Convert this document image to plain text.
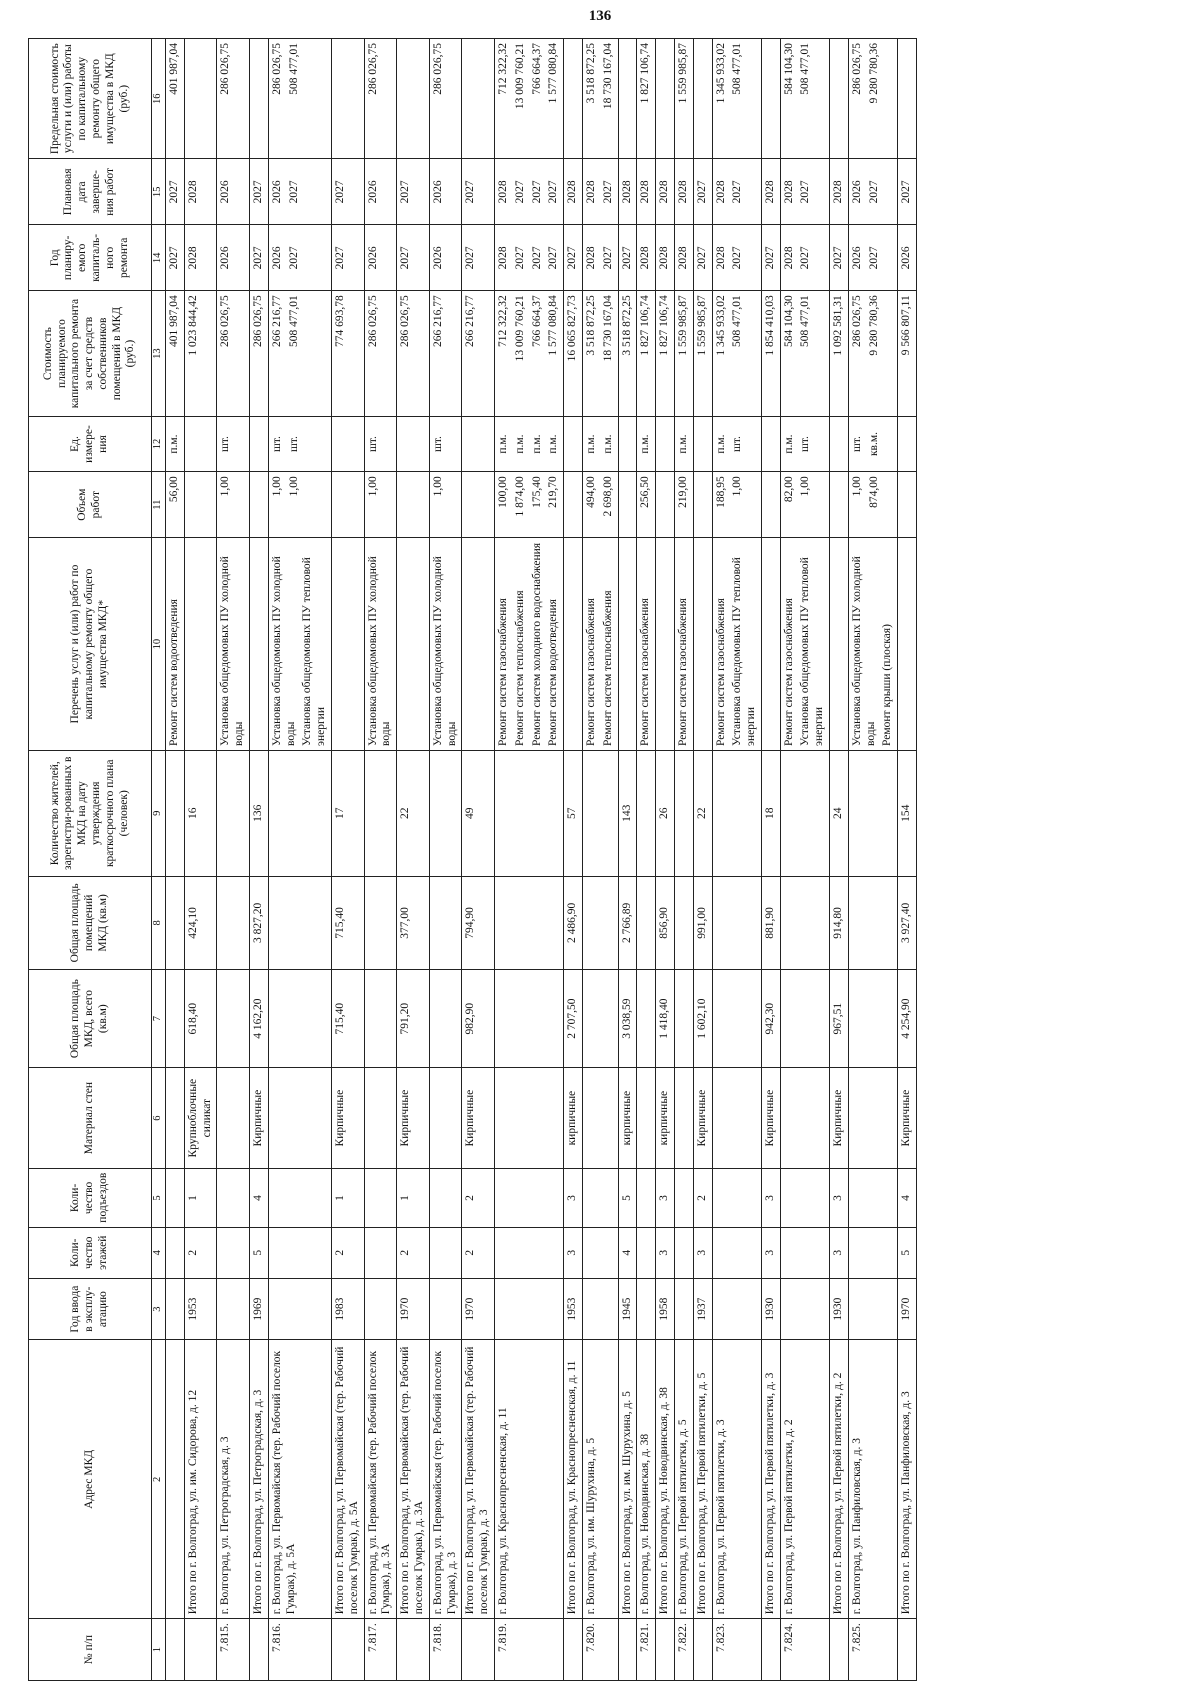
136
№ п/п	Адрес МКД	Год ввода в эксплу-атацию	Коли-чество этажей	Коли-чество подъездов	Материал стен	Общая площадь МКД, всего (кв.м)	Общая площадь помещений МКД (кв.м)	Количество жителей, зарегистри-рованных в МКД на дату утверждения краткосрочного плана (человек)	Перечень услуг и (или) работ по капитальному ремонту общего имущества МКД*	Объем работ	Ед. измере-ния	Стоимость планируемого капитального ремонта за счет средств собственников помещений в МКД (руб.)	Год планиру-емого капиталь-ного ремонта	Плановая дата заверше-ния работ	Предельная стоимость услуги и (или) работы по капитальному ремонту общего имущества в МКД (руб.)
1	2	3	4	5	6	7	8	9	10	11	12	13	14	15	16

									Ремонт систем водоотведения	56,00	п.м.	401 987,04	2027	2027	401 987,04

	Итого по г. Волгоград, ул. им. Сидорова, д. 12	1953	2	1	Крупноблочные силикат	618,40	424,10	16				1 023 844,42	2028	2028	

7.815.	г. Волгоград, ул. Петроградская, д. 3								Установка общедомовых ПУ холодной воды	1,00	шт.	286 026,75	2026	2026	286 026,75

	Итого по г. Волгоград, ул. Петроградская, д. 3	1969	5	4	Кирпичные	4 162,20	3 827,20	136				286 026,75	2027	2027	

7.816.	г. Волгоград, ул. Первомайская (тер. Рабочий поселок Гумрак), д. 5А								Установка общедомовых ПУ холодной воды Установка общедомовых ПУ тепловой энергии	1,00 1,00	шт. шт.	266 216,77 508 477,01	2026 2027	2026 2027	286 026,75 508 477,01

	Итого по г. Волгоград, ул. Первомайская (тер. Рабочий поселок Гумрак), д. 5А	1983	2	1	Кирпичные	715,40	715,40	17				774 693,78	2027	2027	

7.817.	г. Волгоград, ул. Первомайская (тер. Рабочий поселок Гумрак), д. 3А								Установка общедомовых ПУ холодной воды	1,00	шт.	286 026,75	2026	2026	286 026,75

	Итого по г. Волгоград, ул. Первомайская (тер. Рабочий поселок Гумрак), д. 3А	1970	2	1	Кирпичные	791,20	377,00	22				286 026,75	2027	2027	

7.818.	г. Волгоград, ул. Первомайская (тер. Рабочий поселок Гумрак), д. 3								Установка общедомовых ПУ холодной воды	1,00	шт.	266 216,77	2026	2026	286 026,75

	Итого по г. Волгоград, ул. Первомайская (тер. Рабочий поселок Гумрак), д. 3	1970	2	2	Кирпичные	982,90	794,90	49				266 216,77	2027	2027	

7.819.	г. Волгоград, ул. Краснопресненская, д. 11								Ремонт систем газоснабжения Ремонт систем теплоснабжения Ремонт систем холодного водоснабжения Ремонт систем водоотведения	100,00 1 874,00 175,40 219,70	п.м. п.м. п.м. п.м.	712 322,32 13 009 760,21 766 664,37 1 577 080,84	2028 2027 2027 2027	2028 2027 2027 2027	712 322,32 13 009 760,21 766 664,37 1 577 080,84

	Итого по г. Волгоград, ул. Краснопресненская, д. 11	1953	3	3	кирпичные	2 707,50	2 486,90	57				16 065 827,73	2027	2028	

7.820.	г. Волгоград, ул. им. Шурухина, д. 5								Ремонт систем газоснабжения Ремонт систем теплоснабжения	494,00 2 698,00	п.м. п.м.	3 518 872,25 18 730 167,04	2028 2027	2028 2027	3 518 872,25 18 730 167,04

	Итого по г. Волгоград, ул. им. Шурухина, д. 5	1945	4	5	кирпичные	3 038,59	2 766,89	143				3 518 872,25	2027	2028	

7.821.	г. Волгоград, ул. Новодвинская, д. 38								Ремонт систем газоснабжения	256,50	п.м.	1 827 106,74	2028	2028	1 827 106,74

	Итого по г. Волгоград, ул. Новодвинская, д. 38	1958	3	3	кирпичные	1 418,40	856,90	26				1 827 106,74	2028	2028	

7.822.	г. Волгоград, ул. Первой пятилетки, д. 5								Ремонт систем газоснабжения	219,00	п.м.	1 559 985,87	2028	2028	1 559 985,87

	Итого по г. Волгоград, ул. Первой пятилетки, д. 5	1937	3	2	Кирпичные	1 602,10	991,00	22				1 559 985,87	2027	2027	

7.823.	г. Волгоград, ул. Первой пятилетки, д. 3								Ремонт систем газоснабжения Установка общедомовых ПУ тепловой энергии	188,95 1,00	п.м. шт.	1 345 933,02 508 477,01	2028 2027	2028 2027	1 345 933,02 508 477,01

	Итого по г. Волгоград, ул. Первой пятилетки, д. 3	1930	3	3	Кирпичные	942,30	881,90	18				1 854 410,03	2027	2028	

7.824.	г. Волгоград, ул. Первой пятилетки, д. 2								Ремонт систем газоснабжения Установка общедомовых ПУ тепловой энергии	82,00 1,00	п.м. шт.	584 104,30 508 477,01	2028 2027	2028 2027	584 104,30 508 477,01

	Итого по г. Волгоград, ул. Первой пятилетки, д. 2	1930	3	3	Кирпичные	967,51	914,80	24				1 092 581,31	2027	2028	

7.825.	г. Волгоград, ул. Панфиловская, д. 3								Установка общедомовых ПУ холодной воды Ремонт крыши (плоская)	1,00 874,00	шт. кв.м.	286 026,75 9 280 780,36	2026 2027	2026 2027	286 026,75 9 280 780,36

	Итого по г. Волгоград, ул. Панфиловская, д. 3	1970	5	4	Кирпичные	4 254,90	3 927,40	154				9 566 807,11	2026	2027	
